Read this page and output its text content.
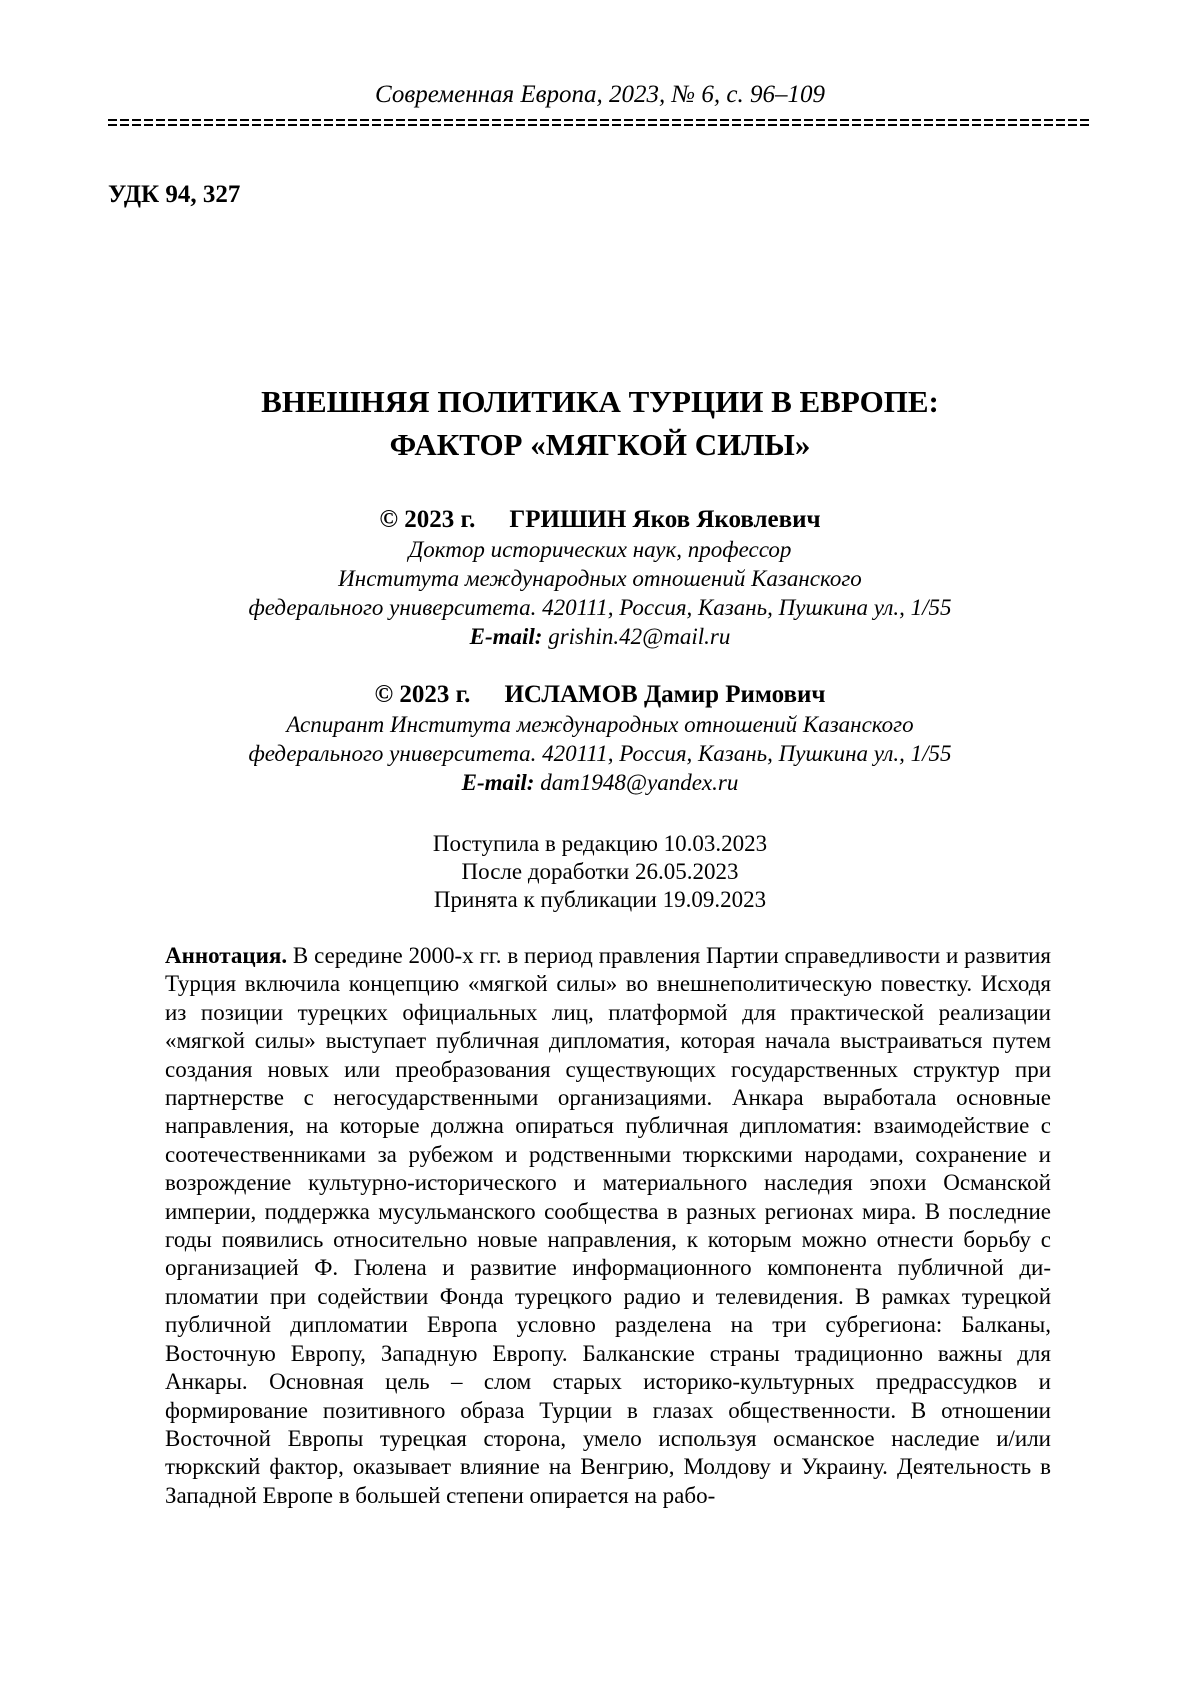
Современная Европа, 2023, № 6, с. 96–109
УДК 94, 327
ВНЕШНЯЯ ПОЛИТИКА ТУРЦИИ В ЕВРОПЕ:
ФАКТОР «МЯГКОЙ СИЛЫ»
© 2023 г. ГРИШИН Яков Яковлевич
Доктор исторических наук, профессор
Института международных отношений Казанского
федерального университета. 420111, Россия, Казань, Пушкина ул., 1/55
E-mail: grishin.42@mail.ru
© 2023 г. ИСЛАМОВ Дамир Римович
Аспирант Института международных отношений Казанского
федерального университета. 420111, Россия, Казань, Пушкина ул., 1/55
E-mail: dam1948@yandex.ru
Поступила в редакцию 10.03.2023
После доработки 26.05.2023
Принята к публикации 19.09.2023
Аннотация. В середине 2000-х гг. в период правления Партии справедливости и развития Турция включила концепцию «мягкой силы» во внешнеполитическую повестку. Исходя из позиции турецких официальных лиц, платформой для практической реализации «мягкой силы» выступает публичная дипломатия, которая начала выстраиваться путем создания новых или преобразования существующих государственных структур при партнерстве с негосударственными организациями. Анкара выработала основные направления, на которые должна опираться публичная дипломатия: взаимодействие с соотечественниками за рубежом и родственными тюркскими народами, сохранение и возрождение культурно-исторического и материального наследия эпохи Османской империи, поддержка мусульманского сообщества в разных регионах мира. В последние годы появились относительно новые направления, к которым можно отнести борьбу с организацией Ф. Гюлена и развитие информационного компонента публичной дипломатии при содействии Фонда турецкого радио и телевидения. В рамках турецкой публичной дипломатии Европа условно разделена на три субрегиона: Балканы, Восточную Европу, Западную Европу. Балканские страны традиционно важны для Анкары. Основная цель – слом старых историко-культурных предрассудков и формирование позитивного образа Турции в глазах общественности. В отношении Восточной Европы турецкая сторона, умело используя османское наследие и/или тюркский фактор, оказывает влияние на Венгрию, Молдову и Украину. Деятельность в Западной Европе в большей степени опирается на рабо-
